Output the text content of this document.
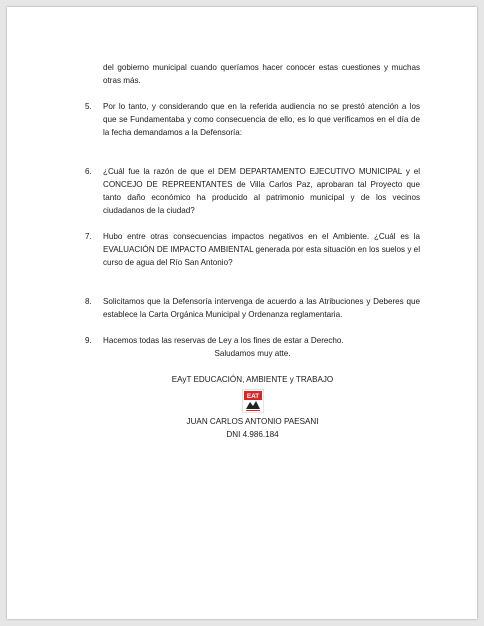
del gobierno municipal cuando queríamos hacer conocer estas cuestiones y muchas otras más.

5. Por lo tanto, y considerando que en la referida audiencia no se prestó atención a los que se Fundamentaba y como consecuencia de ello, es lo que verificamos en el día de la fecha demandamos a la Defensoría:

6. ¿Cuál fue la razón de que el DEM DEPARTAMENTO EJECUTIVO MUNICIPAL y el CONCEJO DE REPREENTANTES de Villa Carlos Paz, aprobaran tal Proyecto que tanto daño económico ha producido al patrimonio municipal y de los vecinos ciudadanos de la ciudad?

7. Hubo entre otras consecuencias impactos negativos en el Ambiente. ¿Cuál es la EVALUACIÓN DE IMPACTO AMBIENTAL generada por esta situación en los suelos y el curso de agua del Río San Antonio?

8. Solicitamos que la Defensoría intervenga de acuerdo a las Atribuciones y Deberes que establece la Carta Orgánica Municipal y Ordenanza reglamentaria.

9. Hacemos todas las reservas de Ley a los fines de estar a Derecho.

Saludamos muy atte.
EAyT EDUCACIÓN, AMBIENTE y TRABAJO
EAT
JUAN CARLOS ANTONIO PAESANI
DNI 4.986.184
